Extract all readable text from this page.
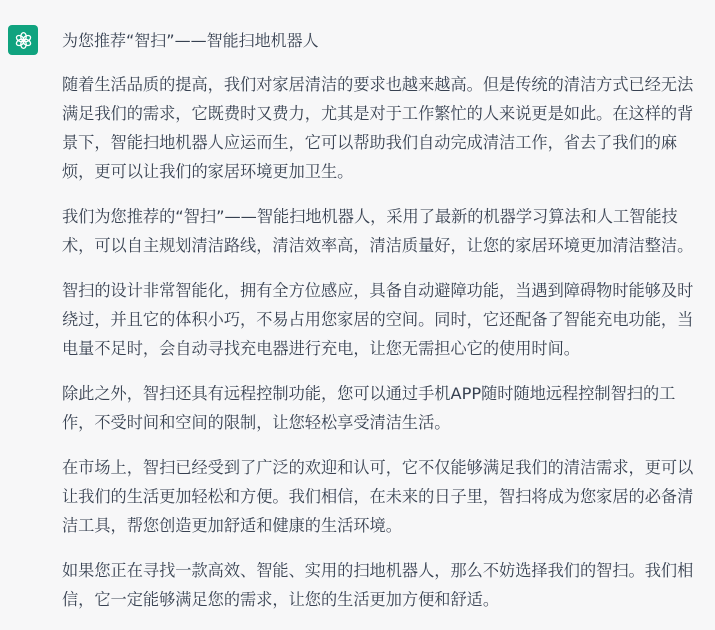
为您推荐“智扫”——智能扫地机器人

随着生活品质的提高，我们对家居清洁的要求也越来越高。但是传统的清洁方式已经无法满足我们的需求，它既费时又费力，尤其是对于工作繁忙的人来说更是如此。在这样的背景下，智能扫地机器人应运而生，它可以帮助我们自动完成清洁工作，省去了我们的麻烦，更可以让我们的家居环境更加卫生。

我们为您推荐的“智扫”——智能扫地机器人，采用了最新的机器学习算法和人工智能技术，可以自主规划清洁路线，清洁效率高，清洁质量好，让您的家居环境更加清洁整洁。

智扫的设计非常智能化，拥有全方位感应，具备自动避障功能，当遇到障碍物时能够及时绕过，并且它的体积小巧，不易占用您家居的空间。同时，它还配备了智能充电功能，当电量不足时，会自动寻找充电器进行充电，让您无需担心它的使用时间。

除此之外，智扫还具有远程控制功能，您可以通过手机APP随时随地远程控制智扫的工作，不受时间和空间的限制，让您轻松享受清洁生活。

在市场上，智扫已经受到了广泛的欢迎和认可，它不仅能够满足我们的清洁需求，更可以让我们的生活更加轻松和方便。我们相信，在未来的日子里，智扫将成为您家居的必备清洁工具，帮您创造更加舒适和健康的生活环境。

如果您正在寻找一款高效、智能、实用的扫地机器人，那么不妨选择我们的智扫。我们相信，它一定能够满足您的需求，让您的生活更加方便和舒适。
